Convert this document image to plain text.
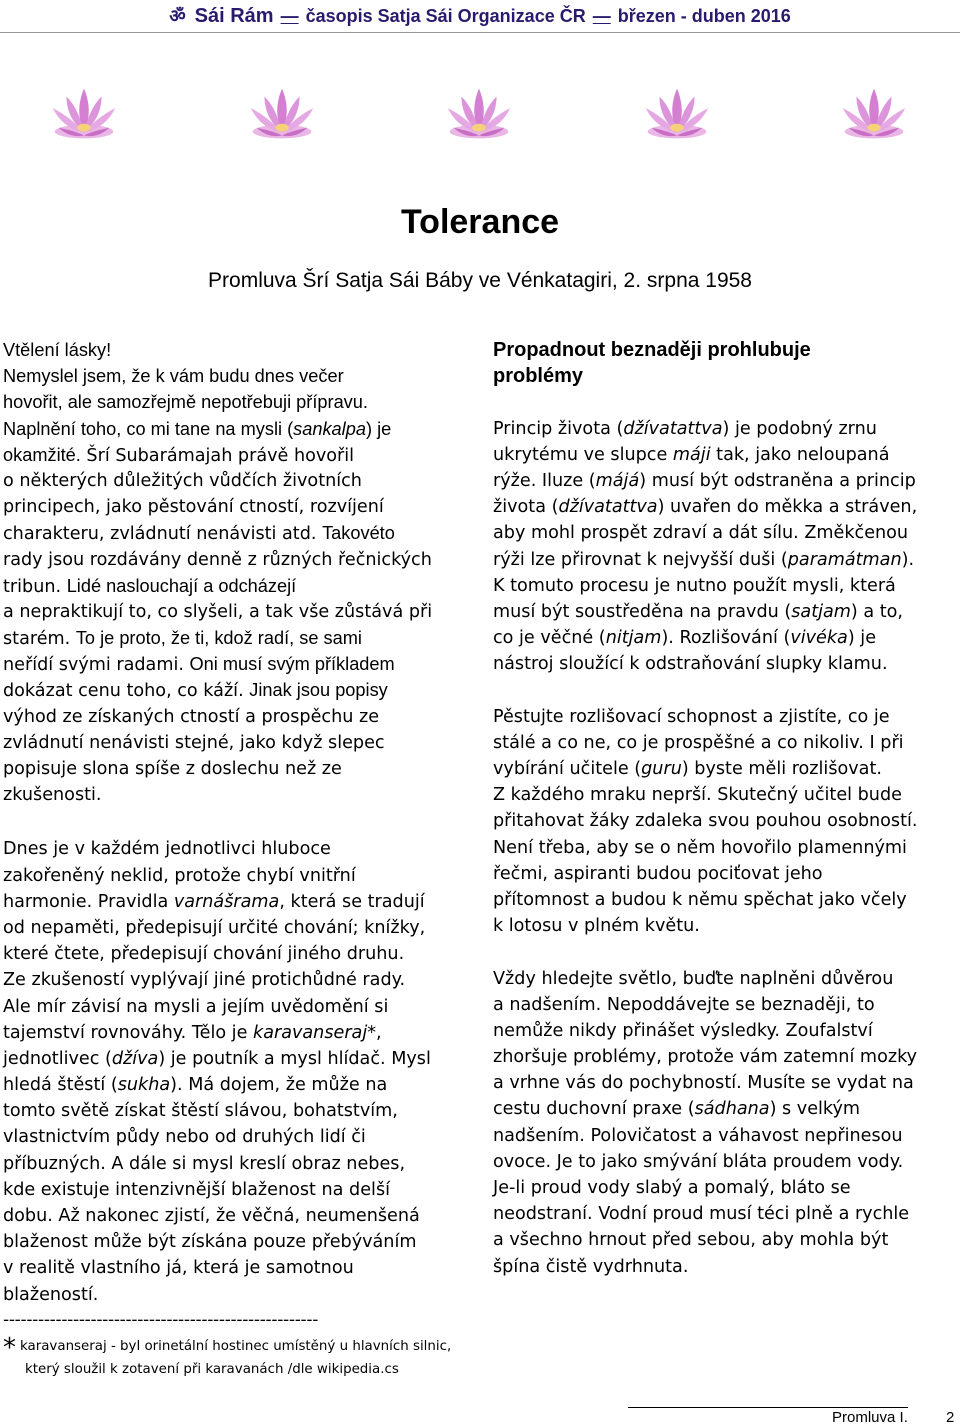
ॐ Sái Rám — časopis Satja Sái Organizace ČR — březen - duben 2016
Tolerance
Promluva Šrí Satja Sái Báby ve Vénkatagiri, 2. srpna 1958
Vtělení lásky!
Nemyslel jsem, že k vám budu dnes večer
hovořit, ale samozřejmě nepotřebuji přípravu.
Naplnění toho, co mi tane na mysli (sankalpa) je
okamžité. Šrí Subarámajah právě hovořil
o některých důležitých vůdčích životních
principech, jako pěstování ctností, rozvíjení
charakteru, zvládnutí nenávisti atd. Takovéto
rady jsou rozdávány denně z různých řečnických
tribun. Lidé naslouchají a odcházejí
a nepraktikují to, co slyšeli, a tak vše zůstává při
starém. To je proto, že ti, kdož radí, se sami
neřídí svými radami. Oni musí svým příkladem
dokázat cenu toho, co káží. Jinak jsou popisy
výhod ze získaných ctností a prospěchu ze
zvládnutí nenávisti stejné, jako když slepec
popisuje slona spíše z doslechu než ze
zkušenosti.
Dnes je v každém jednotlivci hluboce
zakořeněný neklid, protože chybí vnitřní
harmonie. Pravidla varnášrama, která se tradují
od nepaměti, předepisují určité chování; knížky,
které čtete, předepisují chování jiného druhu.
Ze zkušeností vyplývají jiné protichůdné rady.
Ale mír závisí na mysli a jejím uvědomění si
tajemství rovnováhy. Tělo je karavanseraj*,
jednotlivec (džíva) je poutník a mysl hlídač. Mysl
hledá štěstí (sukha). Má dojem, že může na
tomto světě získat štěstí slávou, bohatstvím,
vlastnictvím půdy nebo od druhých lidí či
příbuzných. A dále si mysl kreslí obraz nebes,
kde existuje intenzivnější blaženost na delší
dobu. Až nakonec zjistí, že věčná, neumenšená
blaženost může být získána pouze přebýváním
v realitě vlastního já, která je samotnou
blažeností.
Propadnout beznaději prohlubuje
problémy
Princip života (džívatattva) je podobný zrnu
ukrytému ve slupce máji tak, jako neloupaná
rýže. Iluze (májá) musí být odstraněna a princip
života (džívatattva) uvařen do měkka a stráven,
aby mohl prospět zdraví a dát sílu. Změkčenou
rýži lze přirovnat k nejvyšší duši (paramátman).
K tomuto procesu je nutno použít mysli, která
musí být soustředěna na pravdu (satjam) a to,
co je věčné (nitjam). Rozlišování (vivéka) je
nástroj sloužící k odstraňování slupky klamu.
Pěstujte rozlišovací schopnost a zjistíte, co je
stálé a co ne, co je prospěšné a co nikoliv. I při
vybírání učitele (guru) byste měli rozlišovat.
Z každého mraku neprší. Skutečný učitel bude
přitahovat žáky zdaleka svou pouhou osobností.
Není třeba, aby se o něm hovořilo plamennými
řečmi, aspiranti budou pociťovat jeho
přítomnost a budou k němu spěchat jako včely
k lotosu v plném květu.
Vždy hledejte světlo, buďte naplněni důvěrou
a nadšením. Nepoddávejte se beznaději, to
nemůže nikdy přinášet výsledky. Zoufalství
zhoršuje problémy, protože vám zatemní mozky
a vrhne vás do pochybností. Musíte se vydat na
cestu duchovní praxe (sádhana) s velkým
nadšením. Polovičatost a váhavost nepřinesou
ovoce. Je to jako smývání bláta proudem vody.
Je-li proud vody slabý a pomalý, bláto se
neodstraní. Vodní proud musí téci plně a rychle
a všechno hrnout před sebou, aby mohla být
špína čistě vydrhnuta.
------------------------------------------------------
* karavanseraj - byl orinetální hostinec umístěný u hlavních silnic,
který sloužil k zotavení při karavanách /dle wikipedia.cs
Promluva I.	2
